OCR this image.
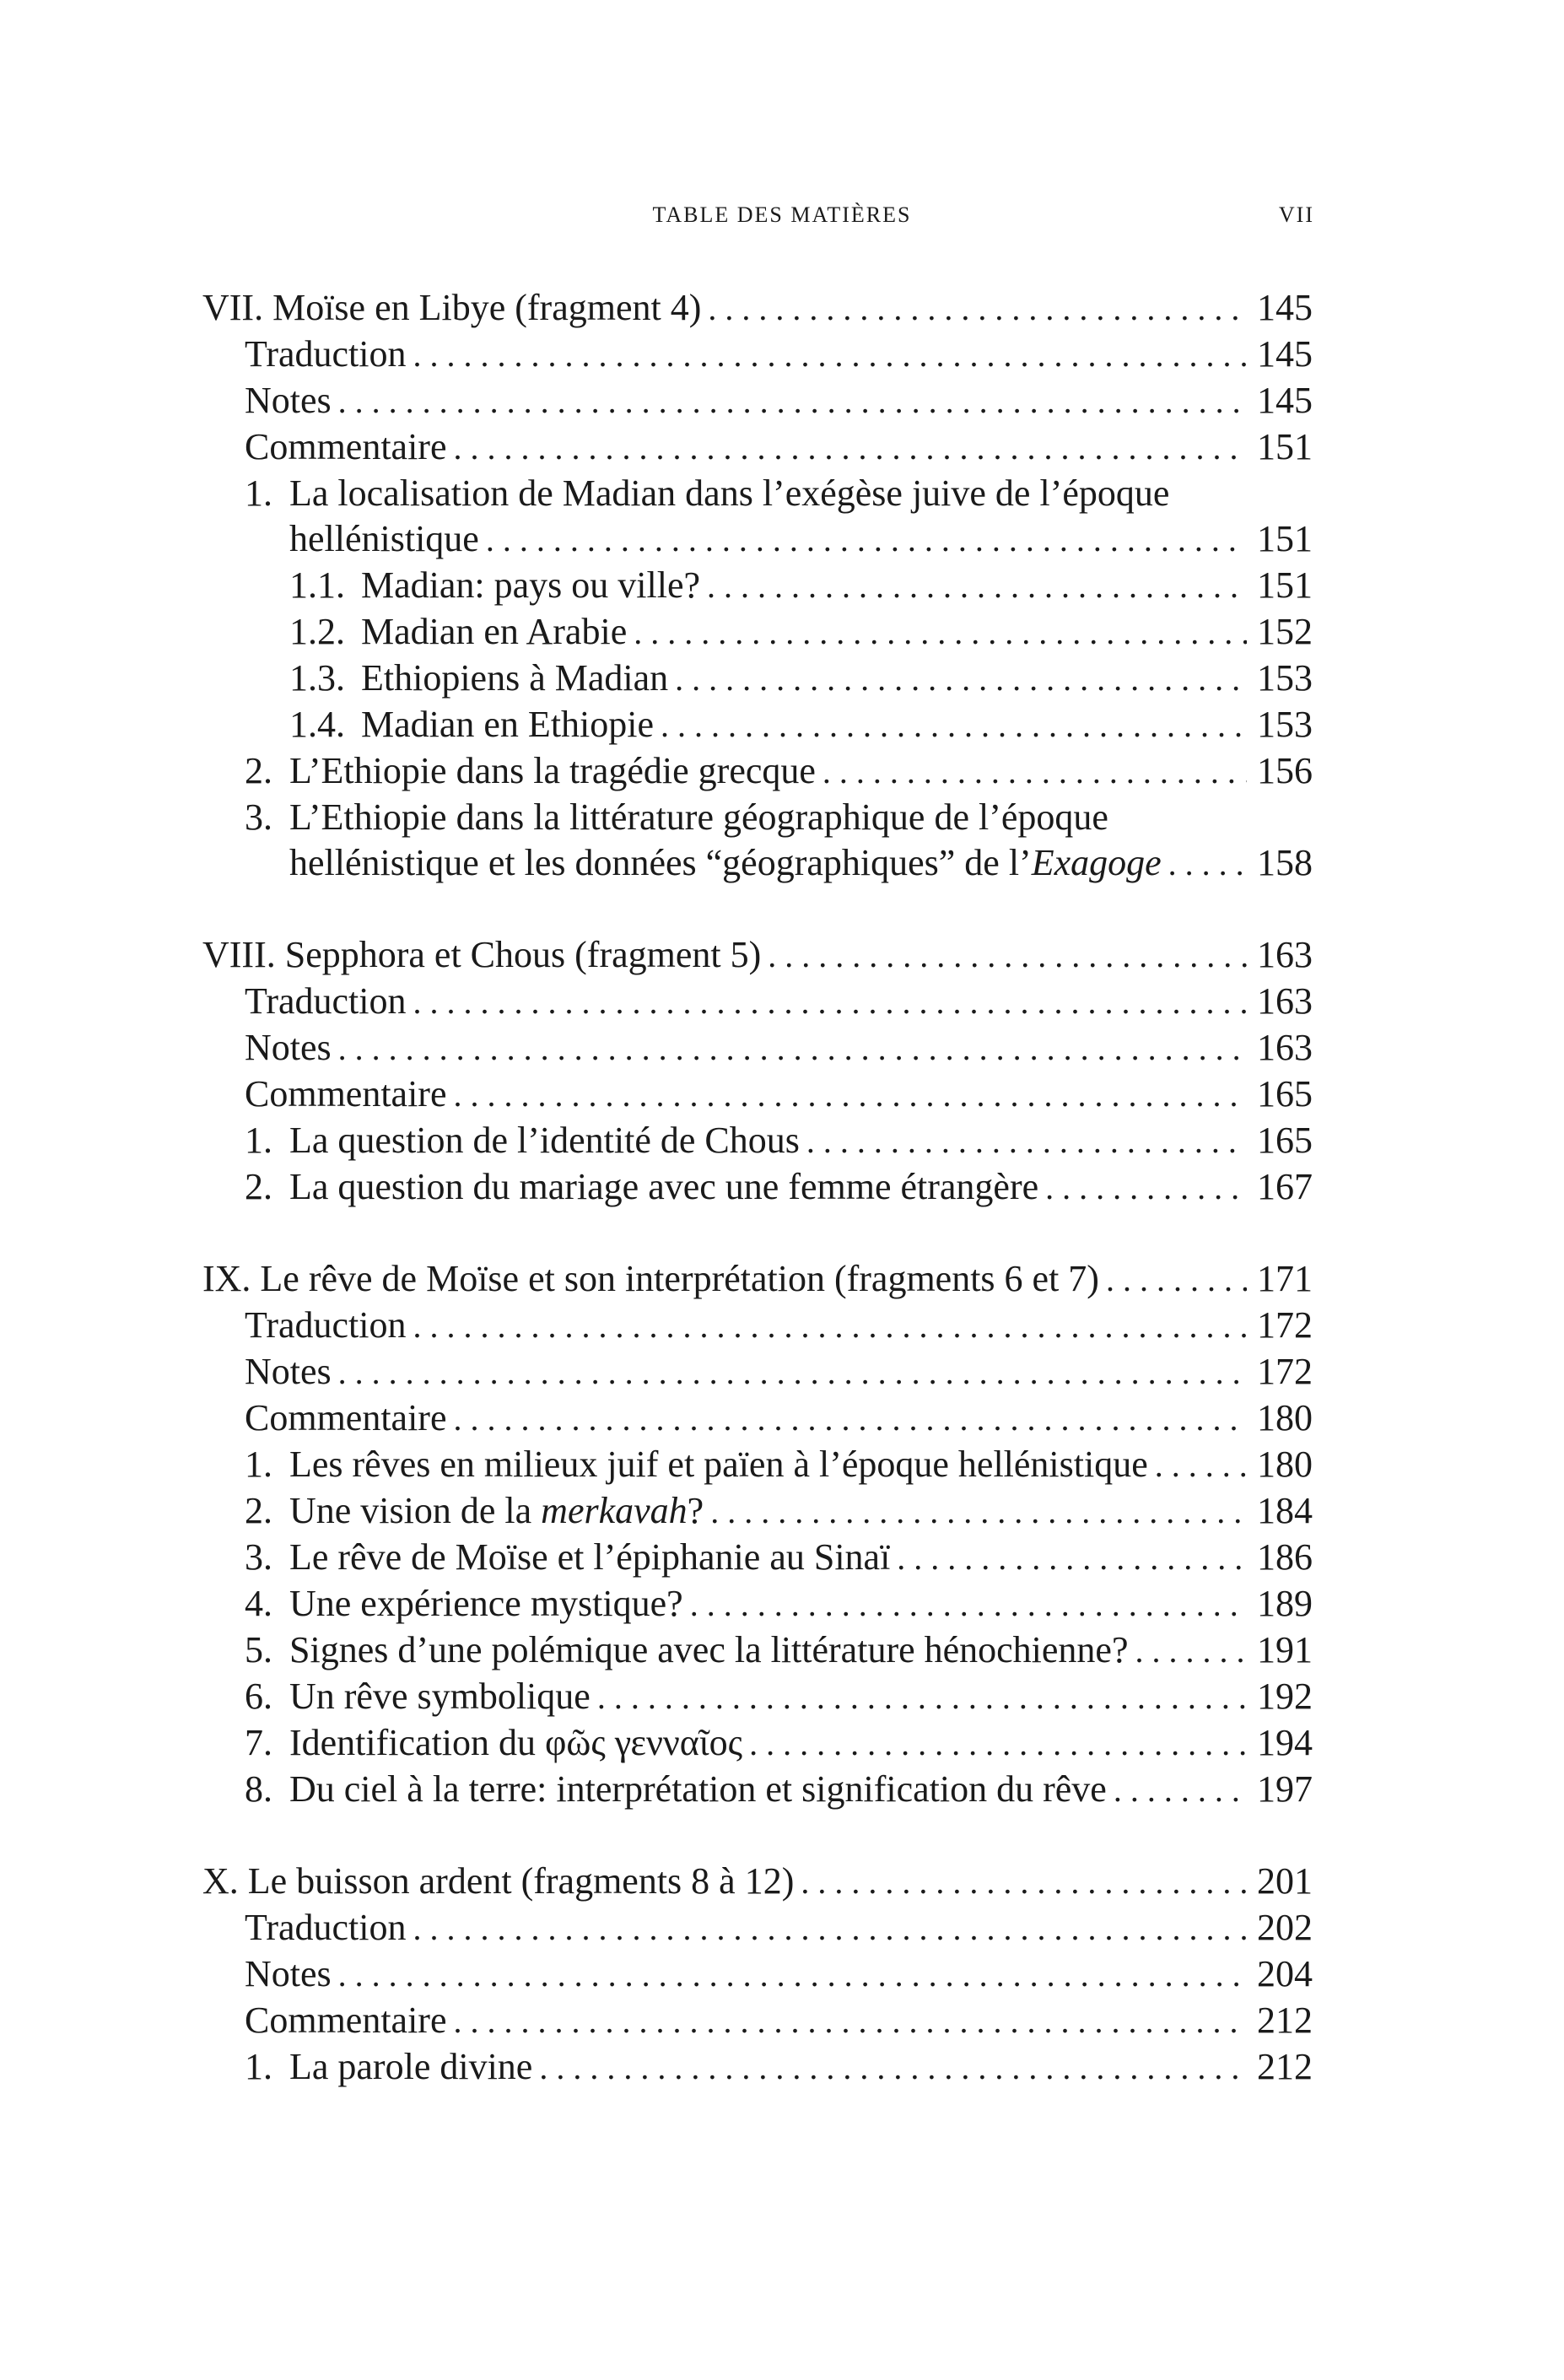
TABLE DES MATIÈRES	VII
VII. Moïse en Libye (fragment 4) . . .	145
Traduction . . .	145
Notes . . .	145
Commentaire . . .	151
1. La localisation de Madian dans l’exégèse juive de l’époque
hellénistique . . .	151
1.1. Madian: pays ou ville? . . .	151
1.2. Madian en Arabie . . .	152
1.3. Ethiopiens à Madian . . .	153
1.4. Madian en Ethiopie . . .	153
2. L’Ethiopie dans la tragédie grecque . . .	156
3. L’Ethiopie dans la littérature géographique de l’époque
hellénistique et les données “géographiques” de l’Exagoge . . .	158
VIII. Sepphora et Chous (fragment 5) . . .	163
Traduction . . .	163
Notes . . .	163
Commentaire . . .	165
1. La question de l’identité de Chous . . .	165
2. La question du mariage avec une femme étrangère . . .	167
IX. Le rêve de Moïse et son interprétation (fragments 6 et 7) . . .	171
Traduction . . .	172
Notes . . .	172
Commentaire . . .	180
1. Les rêves en milieux juif et païen à l’époque hellénistique . . .	180
2. Une vision de la merkavah? . . .	184
3. Le rêve de Moïse et l’épiphanie au Sinaï . . .	186
4. Une expérience mystique? . . .	189
5. Signes d’une polémique avec la littérature hénochienne? . . .	191
6. Un rêve symbolique . . .	192
7. Identification du φῶς γενναῖος . . .	194
8. Du ciel à la terre: interprétation et signification du rêve . . .	197
X. Le buisson ardent (fragments 8 à 12) . . .	201
Traduction . . .	202
Notes . . .	204
Commentaire . . .	212
1. La parole divine . . .	212
